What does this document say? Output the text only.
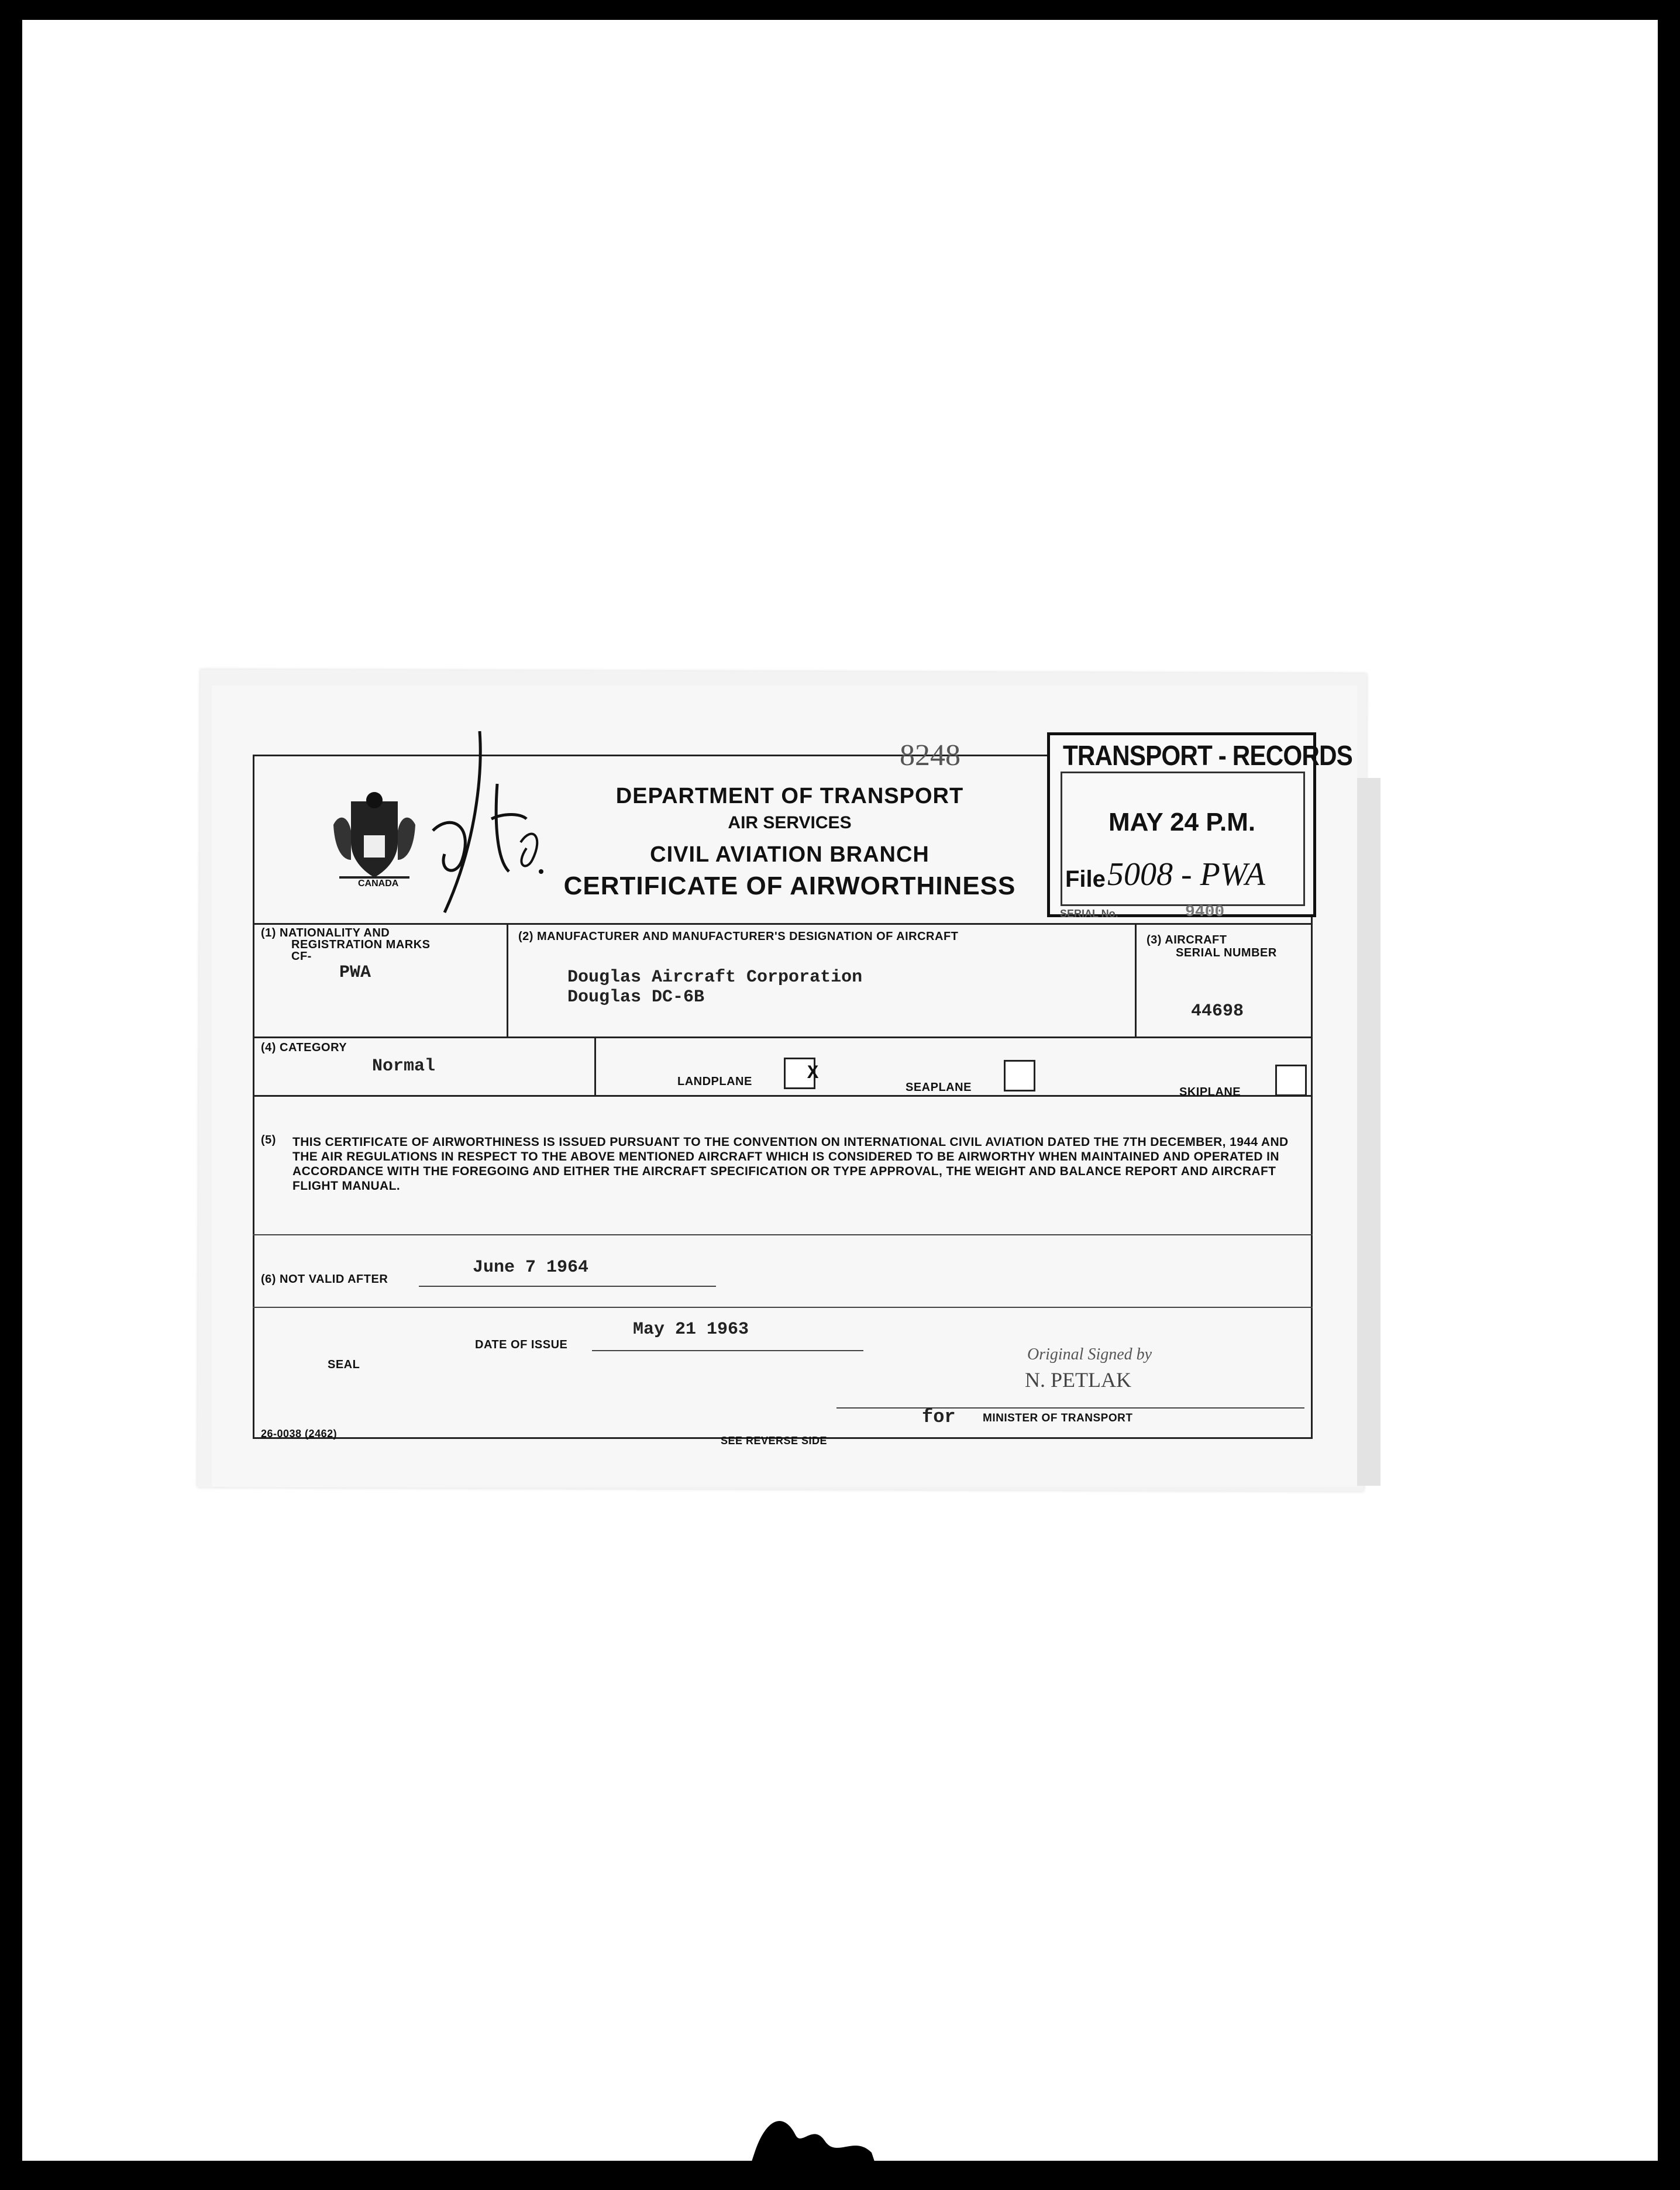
CANADA
8248
DEPARTMENT OF TRANSPORT
AIR SERVICES
CIVIL AVIATION BRANCH
CERTIFICATE OF AIRWORTHINESS
TRANSPORT - RECORDS
MAY 24 P.M.
File 5008 - PWA
SERIAL No.	9400
(1) NATIONALITY AND
REGISTRATION MARKS
CF-
PWA
(2) MANUFACTURER AND MANUFACTURER'S DESIGNATION OF AIRCRAFT
Douglas Aircraft Corporation
Douglas DC-6B
(3) AIRCRAFT
SERIAL NUMBER
44698
(4) CATEGORY
Normal
LANDPLANE	X
SEAPLANE	SKIPLANE
(5) THIS CERTIFICATE OF AIRWORTHINESS IS ISSUED PURSUANT TO THE CONVENTION ON INTERNATIONAL CIVIL AVIATION DATED THE 7TH DECEMBER, 1944 AND THE AIR REGULATIONS IN RESPECT TO THE ABOVE MENTIONED AIRCRAFT WHICH IS CONSIDERED TO BE AIRWORTHY WHEN MAINTAINED AND OPERATED IN ACCORDANCE WITH THE FOREGOING AND EITHER THE AIRCRAFT SPECIFICATION OR TYPE APPROVAL, THE WEIGHT AND BALANCE REPORT AND AIRCRAFT FLIGHT MANUAL.
(6) NOT VALID AFTER
June 7 1964
DATE OF ISSUE
May 21 1963
SEAL
Original Signed by
N. PETLAK
for MINISTER OF TRANSPORT
26-0038 (2462)
SEE REVERSE SIDE
